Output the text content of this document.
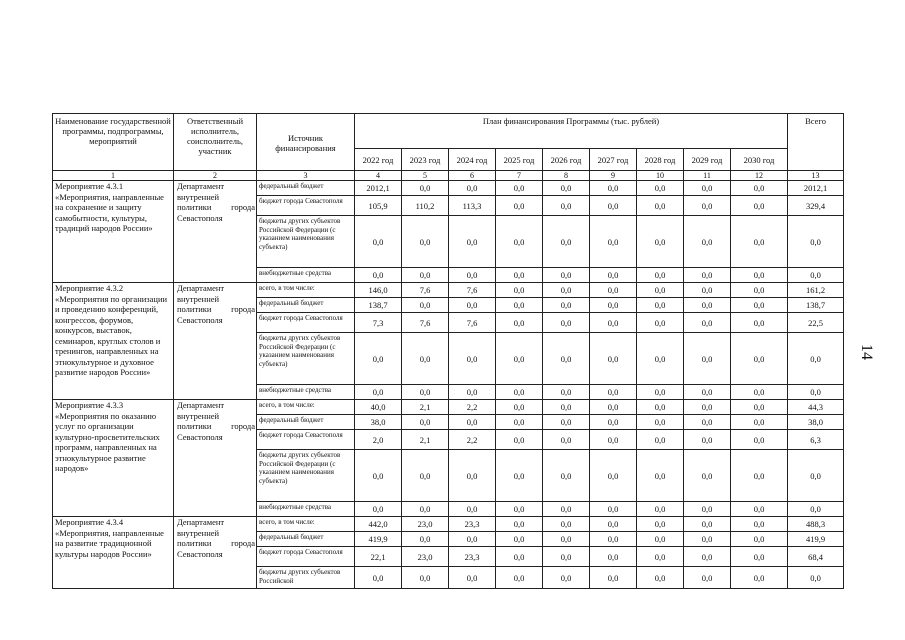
Наименование государственной программы, подпрограммы, мероприятий	Ответственный исполнитель, соисполнитель, участник	Источник финансирования	План финансирования Программы (тыс. рублей)									Всего
			2022 год	2023 год	2024 год	2025 год	2026 год	2027 год	2028 год	2029 год	2030 год	
1	2	3	4	5	6	7	8	9	10	11	12	13
Мероприятие 4.3.1 «Мероприятия, направленные на сохранение и защиту самобытности, культуры, традиций народов России»	Департамент внутренней политики города Севастополя	федеральный бюджет	2012,1	0,0	0,0	0,0	0,0	0,0	0,0	0,0	0,0	2012,1
		бюджет города Севастополя	105,9	110,2	113,3	0,0	0,0	0,0	0,0	0,0	0,0	329,4
		бюджеты других субъектов Российской Федерации (с указанием наименования субъекта)	0,0	0,0	0,0	0,0	0,0	0,0	0,0	0,0	0,0	0,0
		внебюджетные средства	0,0	0,0	0,0	0,0	0,0	0,0	0,0	0,0	0,0	0,0
Мероприятие 4.3.2 «Мероприятия по организации и проведению конференций, конгрессов, форумов, конкурсов, выставок, семинаров, круглых столов и тренингов, направленных на этнокультурное и духовное развитие народов России»	Департамент внутренней политики города Севастополя	всего, в том числе:	146,0	7,6	7,6	0,0	0,0	0,0	0,0	0,0	0,0	161,2
		федеральный бюджет	138,7	0,0	0,0	0,0	0,0	0,0	0,0	0,0	0,0	138,7
		бюджет города Севастополя	7,3	7,6	7,6	0,0	0,0	0,0	0,0	0,0	0,0	22,5
		бюджеты других субъектов Российской Федерации (с указанием наименования субъекта)	0,0	0,0	0,0	0,0	0,0	0,0	0,0	0,0	0,0	0,0
		внебюджетные средства	0,0	0,0	0,0	0,0	0,0	0,0	0,0	0,0	0,0	0,0
Мероприятие 4.3.3 «Мероприятия по оказанию услуг по организации культурно-просветительских программ, направленных на этнокультурное развитие народов»	Департамент внутренней политики города Севастополя	всего, в том числе:	40,0	2,1	2,2	0,0	0,0	0,0	0,0	0,0	0,0	44,3
		федеральный бюджет	38,0	0,0	0,0	0,0	0,0	0,0	0,0	0,0	0,0	38,0
		бюджет города Севастополя	2,0	2,1	2,2	0,0	0,0	0,0	0,0	0,0	0,0	6,3
		бюджеты других субъектов Российской Федерации (с указанием наименования субъекта)	0,0	0,0	0,0	0,0	0,0	0,0	0,0	0,0	0,0	0,0
		внебюджетные средства	0,0	0,0	0,0	0,0	0,0	0,0	0,0	0,0	0,0	0,0
Мероприятие 4.3.4 «Мероприятия, направленные на развитие традиционной культуры народов России»	Департамент внутренней политики города Севастополя	всего, в том числе:	442,0	23,0	23,3	0,0	0,0	0,0	0,0	0,0	0,0	488,3
		федеральный бюджет	419,9	0,0	0,0	0,0	0,0	0,0	0,0	0,0	0,0	419,9
		бюджет города Севастополя	22,1	23,0	23,3	0,0	0,0	0,0	0,0	0,0	0,0	68,4
		бюджеты других субъектов Российской	0,0	0,0	0,0	0,0	0,0	0,0	0,0	0,0	0,0	0,0
14
